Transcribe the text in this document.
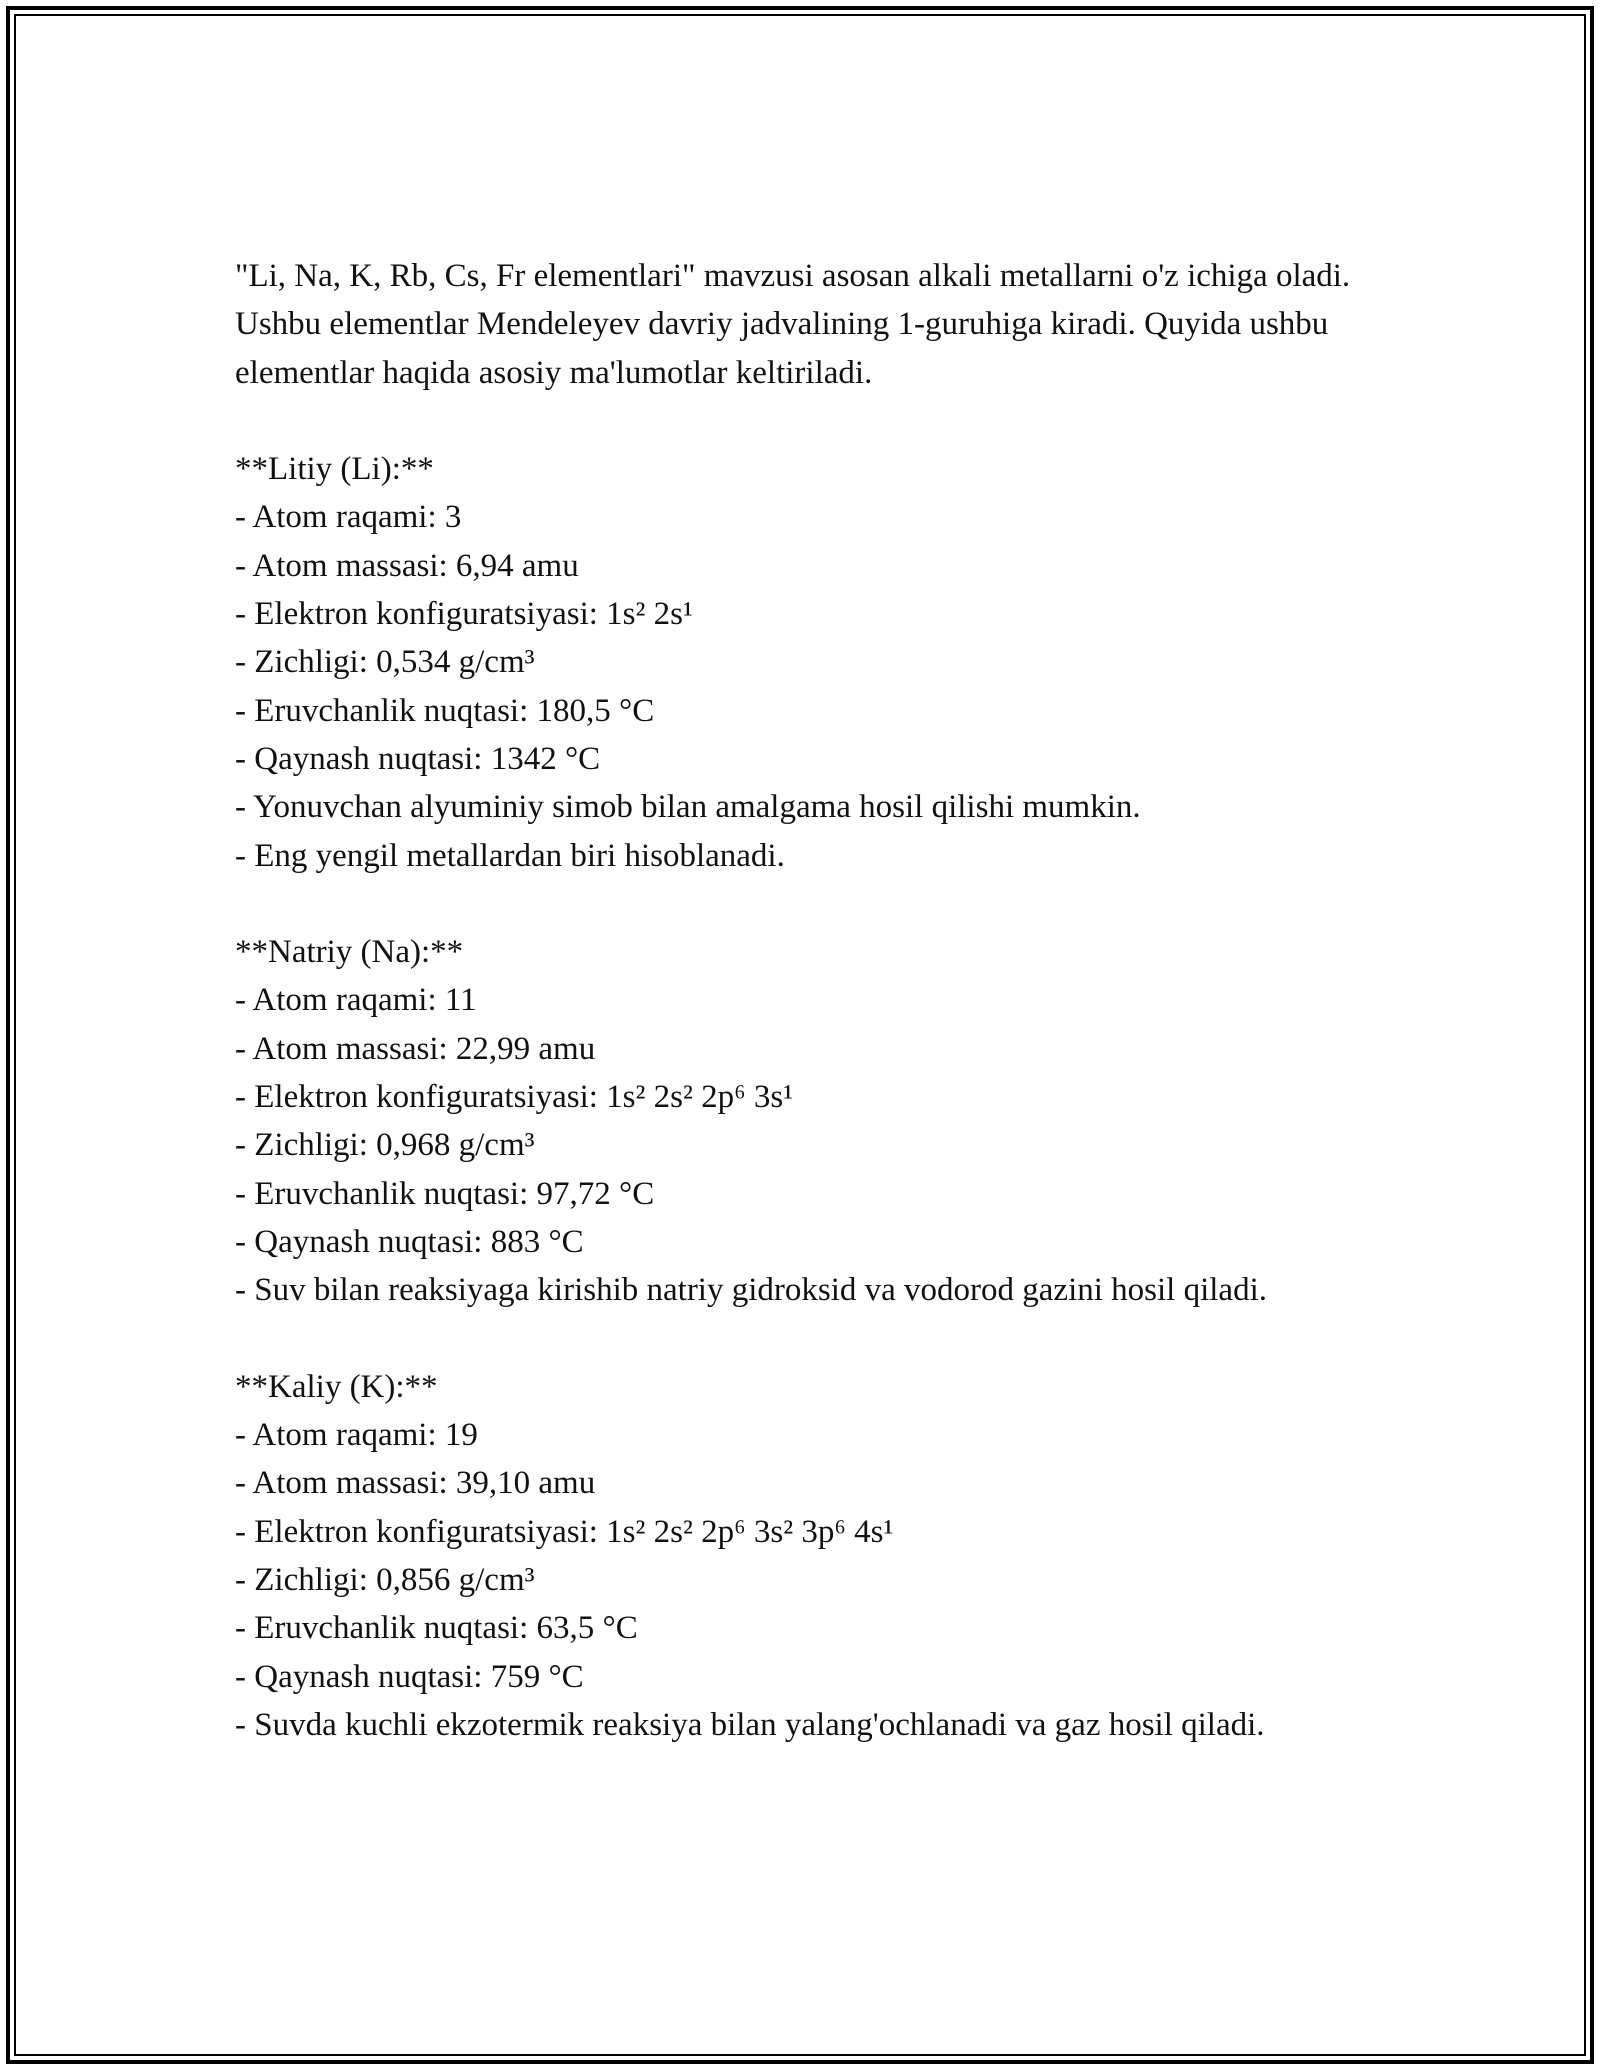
"Li, Na, K, Rb, Cs, Fr elementlari" mavzusi asosan alkali metallarni o'z ichiga oladi. Ushbu elementlar Mendeleyev davriy jadvalining 1-guruhiga kiradi. Quyida ushbu elementlar haqida asosiy ma'lumotlar keltiriladi.

**Litiy (Li):**
- Atom raqami: 3
- Atom massasi: 6,94 amu
- Elektron konfiguratsiyasi: 1s² 2s¹
- Zichligi: 0,534 g/cm³
- Eruvchanlik nuqtasi: 180,5 °C
- Qaynash nuqtasi: 1342 °C
- Yonuvchan alyuminiy simob bilan amalgama hosil qilishi mumkin.
- Eng yengil metallardan biri hisoblanadi.
**Natriy (Na):**
- Atom raqami: 11
- Atom massasi: 22,99 amu
- Elektron konfiguratsiyasi: 1s² 2s² 2p⁶ 3s¹
- Zichligi: 0,968 g/cm³
- Eruvchanlik nuqtasi: 97,72 °C
- Qaynash nuqtasi: 883 °C
- Suv bilan reaksiyaga kirishib natriy gidroksid va vodorod gazini hosil qiladi.
**Kaliy (K):**
- Atom raqami: 19
- Atom massasi: 39,10 amu
- Elektron konfiguratsiyasi: 1s² 2s² 2p⁶ 3s² 3p⁶ 4s¹
- Zichligi: 0,856 g/cm³
- Eruvchanlik nuqtasi: 63,5 °C
- Qaynash nuqtasi: 759 °C
- Suvda kuchli ekzotermik reaksiya bilan yalang'ochlanadi va gaz hosil qiladi.
